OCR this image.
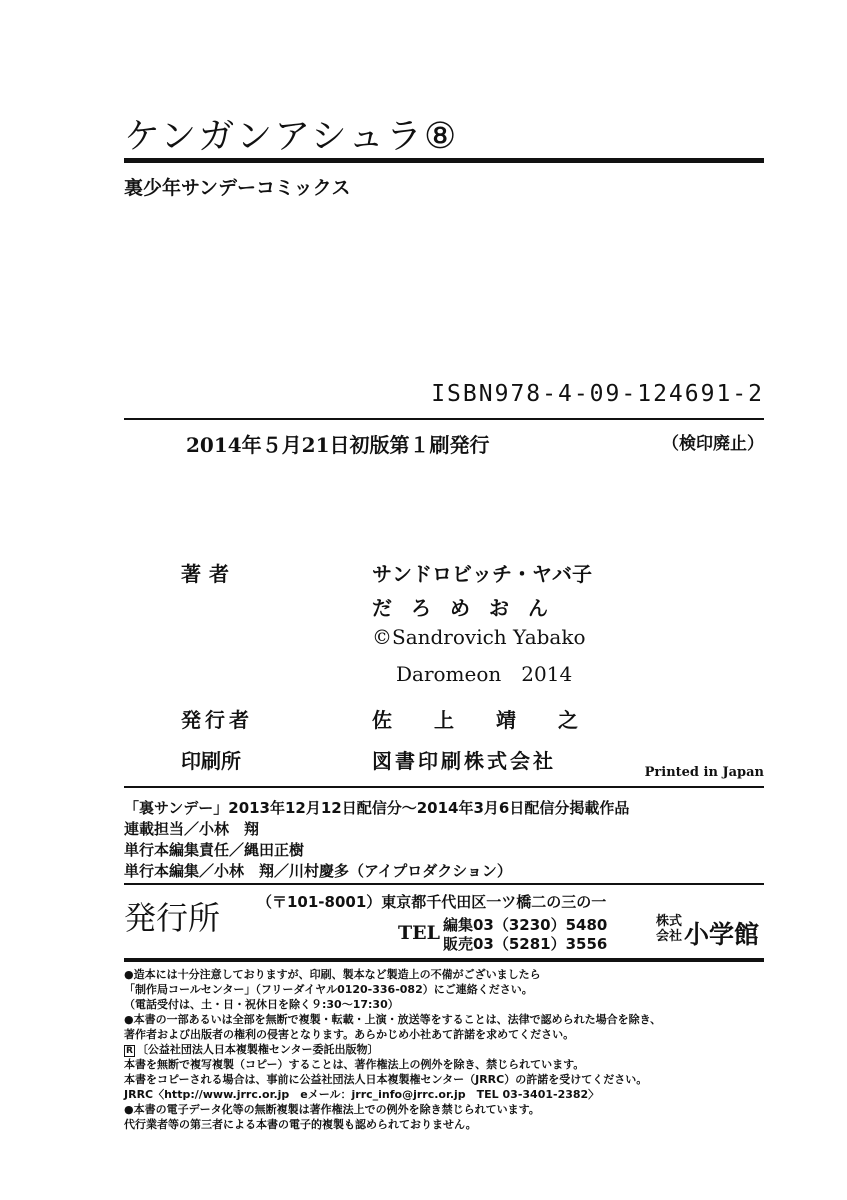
ケンガンアシュラ⑧
裏少年サンデーコミックス
ISBN978-4-09-124691-2
2014年５月21日初版第１刷発行	（検印廃止）
著者	サ ン ド ロ ビ ッ チ ・ ヤ バ 子
だろめおん
©Sandrovich Yabako
Daromeon　2014
発行者	佐上靖之
印刷所	図書印刷株式会社	Printed in Japan
「裏サンデー」2013年12月12日配信分〜2014年3月6日配信分掲載作品
連載担当／小林　翔
単行本編集責任／縄田正樹
単行本編集／小林　翔／川村慶多（アイプロダクション）
発行所 （〒101-8001）東京都千代田区一ツ橋二の三の一
TEL 編集03（3230）5480
販売03（5281）3556
株式会社 小学館
●造本には十分注意しておりますが、印刷、製本など製造上の不備がございましたら
「制作局コールセンター」（フリーダイヤル0120-336-082）にご連絡ください。
（電話受付は、土・日・祝休日を除く９:30〜17:30）
●本書の一部あるいは全部を無断で複製・転載・上演・放送等をすることは、法律で認められた場合を除き、
著作者および出版者の権利の侵害となります。あらかじめ小社あて許諾を求めてください。
R 〔公益社団法人日本複製権センター委託出版物〕
本書を無断で複写複製（コピー）することは、著作権法上の例外を除き、禁じられています。
本書をコピーされる場合は、事前に公益社団法人日本複製権センター（JRRC）の許諾を受けてください。
JRRC〈http://www.jrrc.or.jp　eメール：jrrc_info@jrrc.or.jp　TEL 03-3401-2382〉
●本書の電子データ化等の無断複製は著作権法上での例外を除き禁じられています。
代行業者等の第三者による本書の電子的複製も認められておりません。
